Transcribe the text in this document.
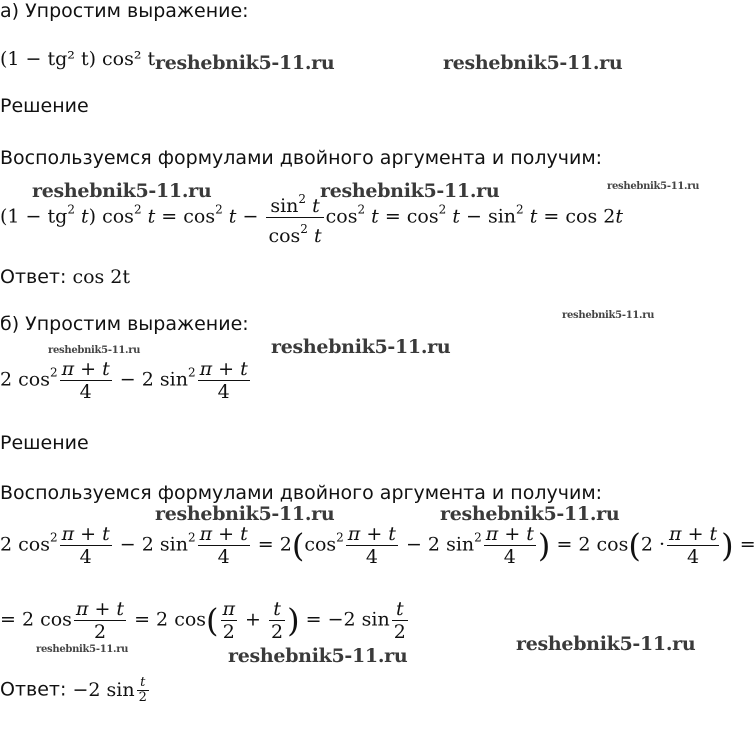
а) Упростим выражение:
(1 − tg² t) cos² t
Решение
Воспользуемся формулами двойного аргумента и получим:
($1 - tg^2$ t) $\cos^2 t = \cos^2 t - \frac{\sin^2 t}{\cos^2 t} \cos^2 t = \cos^2 t - \sin^2 t = \cos 2t$
Ответ: cos 2t
б) Упростим выражение:
2 $\cos^2 \frac{\pi + t}{4} - 2$ $\sin^2 \frac{\pi + t}{4}$
Решение
Воспользуемся формулами двойного аргумента и получим:
2 $\cos^2 \frac{\pi + t}{4} - 2$ $\sin^2 \frac{\pi + t}{4} = 2(\cos^2 \frac{\pi + t}{4} - 2$ $\sin^2 \frac{\pi + t}{4}$ ) = 2 $\cos(2 \cdot \frac{\pi + t}{4}$ ) =
= 2 $\cos \frac{\pi + t}{2} = 2$ $\cos( \frac{\pi}{2} + \frac{t}{2}$ ) = −2 $\sin \frac{t}{2}$
Ответ: −2 $\sin \frac{t}{2}$
reshebnik5-11.ru	reshebnik5-11.ru
reshebnik5-11.ru	reshebnik5-11.ru	reshebnik5-11.ru
reshebnik5-11.ru
reshebnik5-11.ru	reshebnik5-11.ru
reshebnik5-11.ru	reshebnik5-11.ru
reshebnik5-11.ru
reshebnik5-11.ru	reshebnik5-11.ru
